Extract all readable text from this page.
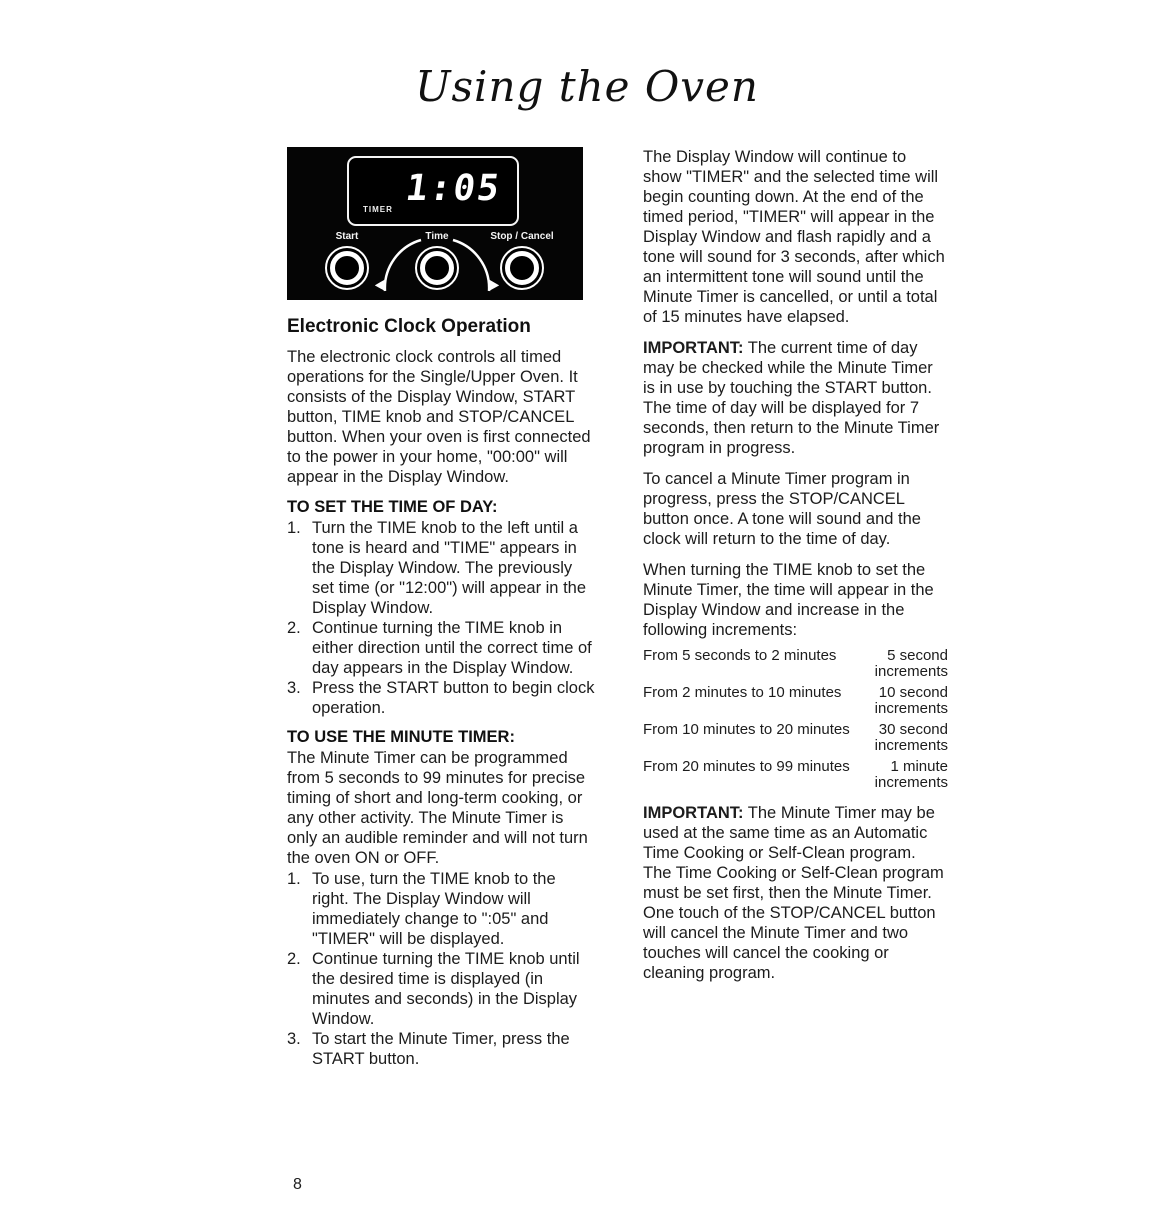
Using the Oven
TIMER
1:05
Start	Time	Stop / Cancel
Electronic Clock Operation

The electronic clock controls all timed operations for the Single/Upper Oven. It consists of the Display Window, START button, TIME knob and STOP/CANCEL button. When your oven is first connected to the power in your home, "00:00" will appear in the Display Window.

TO SET THE TIME OF DAY:
1. Turn the TIME knob to the left until a tone is heard and "TIME" appears in the Display Window. The previously set time (or "12:00") will appear in the Display Window.
2. Continue turning the TIME knob in either direction until the correct time of day appears in the Display Window.
3. Press the START button to begin clock operation.
TO USE THE MINUTE TIMER:

The Minute Timer can be programmed from 5 seconds to 99 minutes for precise timing of short and long-term cooking, or any other activity. The Minute Timer is only an audible reminder and will not turn the oven ON or OFF.

1. To use, turn the TIME knob to the right. The Display Window will immediately change to ":05" and "TIMER" will be displayed.
2. Continue turning the TIME knob until the desired time is displayed (in minutes and seconds) in the Display Window.
3. To start the Minute Timer, press the START button.

The Display Window will continue to show "TIMER" and the selected time will begin counting down. At the end of the timed period, "TIMER" will appear in the Display Window and flash rapidly and a tone will sound for 3 seconds, after which an intermittent tone will sound until the Minute Timer is cancelled, or until a total of 15 minutes have elapsed.

IMPORTANT: The current time of day may be checked while the Minute Timer is in use by touching the START button. The time of day will be displayed for 7 seconds, then return to the Minute Timer program in progress.

To cancel a Minute Timer program in progress, press the STOP/CANCEL button once. A tone will sound and the clock will return to the time of day.

When turning the TIME knob to set the Minute Timer, the time will appear in the Display Window and increase in the following increments:

From 5 seconds to 2 minutes	5 second
increments
From 2 minutes to 10 minutes 10 second
increments
From 10 minutes to 20 minutes 30 second
increments
From 20 minutes to 99 minutes	1 minute
increments

IMPORTANT: The Minute Timer may be used at the same time as an Automatic Time Cooking or Self-Clean program. The Time Cooking or Self-Clean program must be set first, then the Minute Timer. One touch of the STOP/CANCEL button will cancel the Minute Timer and two touches will cancel the cooking or cleaning program.

8
